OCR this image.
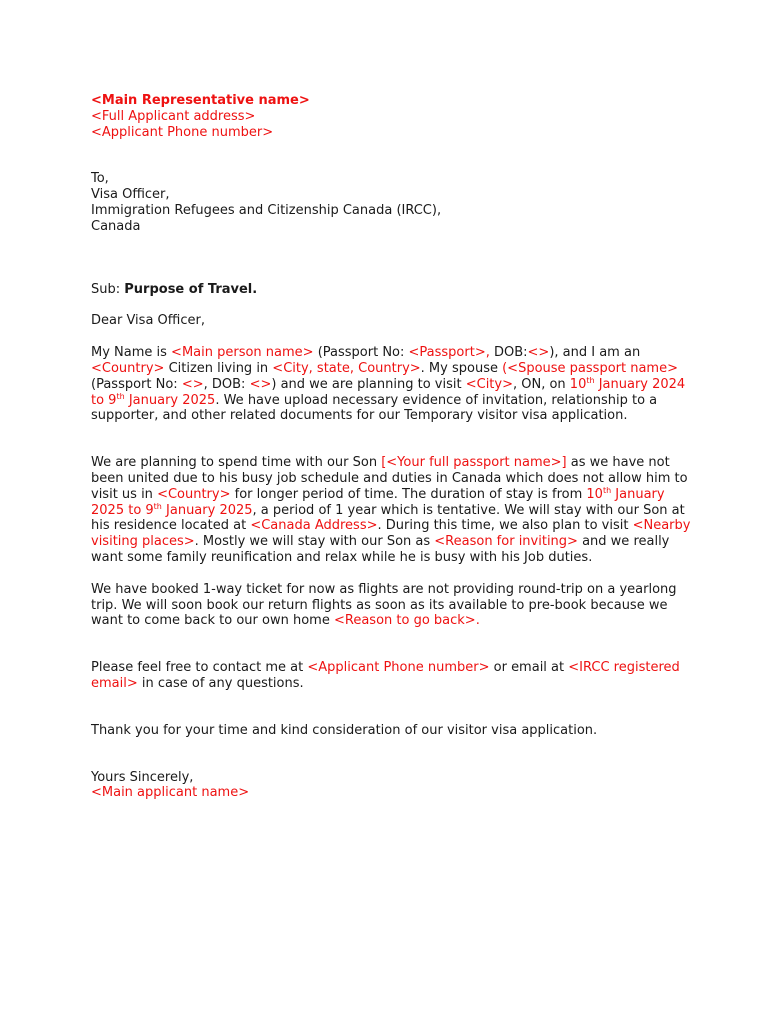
<Main Representative name>
<Full Applicant address>
<Applicant Phone number>
To,
Visa Officer,
Immigration Refugees and Citizenship Canada (IRCC),
Canada

Sub: Purpose of Travel.

Dear Visa Officer,

My Name is <Main person name> (Passport No: <Passport>, DOB:<>), and I am an <Country> Citizen living in <City, state, Country>. My spouse (<Spouse passport name> (Passport No: <>, DOB: <>) and we are planning to visit <City>, ON, on 10th January 2024 to 9th January 2025. We have upload necessary evidence of invitation, relationship to a supporter, and other related documents for our Temporary visitor visa application.

We are planning to spend time with our Son [<Your full passport name>] as we have not been united due to his busy job schedule and duties in Canada which does not allow him to visit us in <Country> for longer period of time. The duration of stay is from 10th January 2025 to 9th January 2025, a period of 1 year which is tentative. We will stay with our Son at his residence located at <Canada Address>. During this time, we also plan to visit <Nearby visiting places>. Mostly we will stay with our Son as <Reason for inviting> and we really want some family reunification and relax while he is busy with his Job duties.

We have booked 1-way ticket for now as flights are not providing round-trip on a yearlong trip. We will soon book our return flights as soon as its available to pre-book because we want to come back to our own home <Reason to go back>.

Please feel free to contact me at <Applicant Phone number> or email at <IRCC registered email> in case of any questions.

Thank you for your time and kind consideration of our visitor visa application.

Yours Sincerely,
<Main applicant name>
